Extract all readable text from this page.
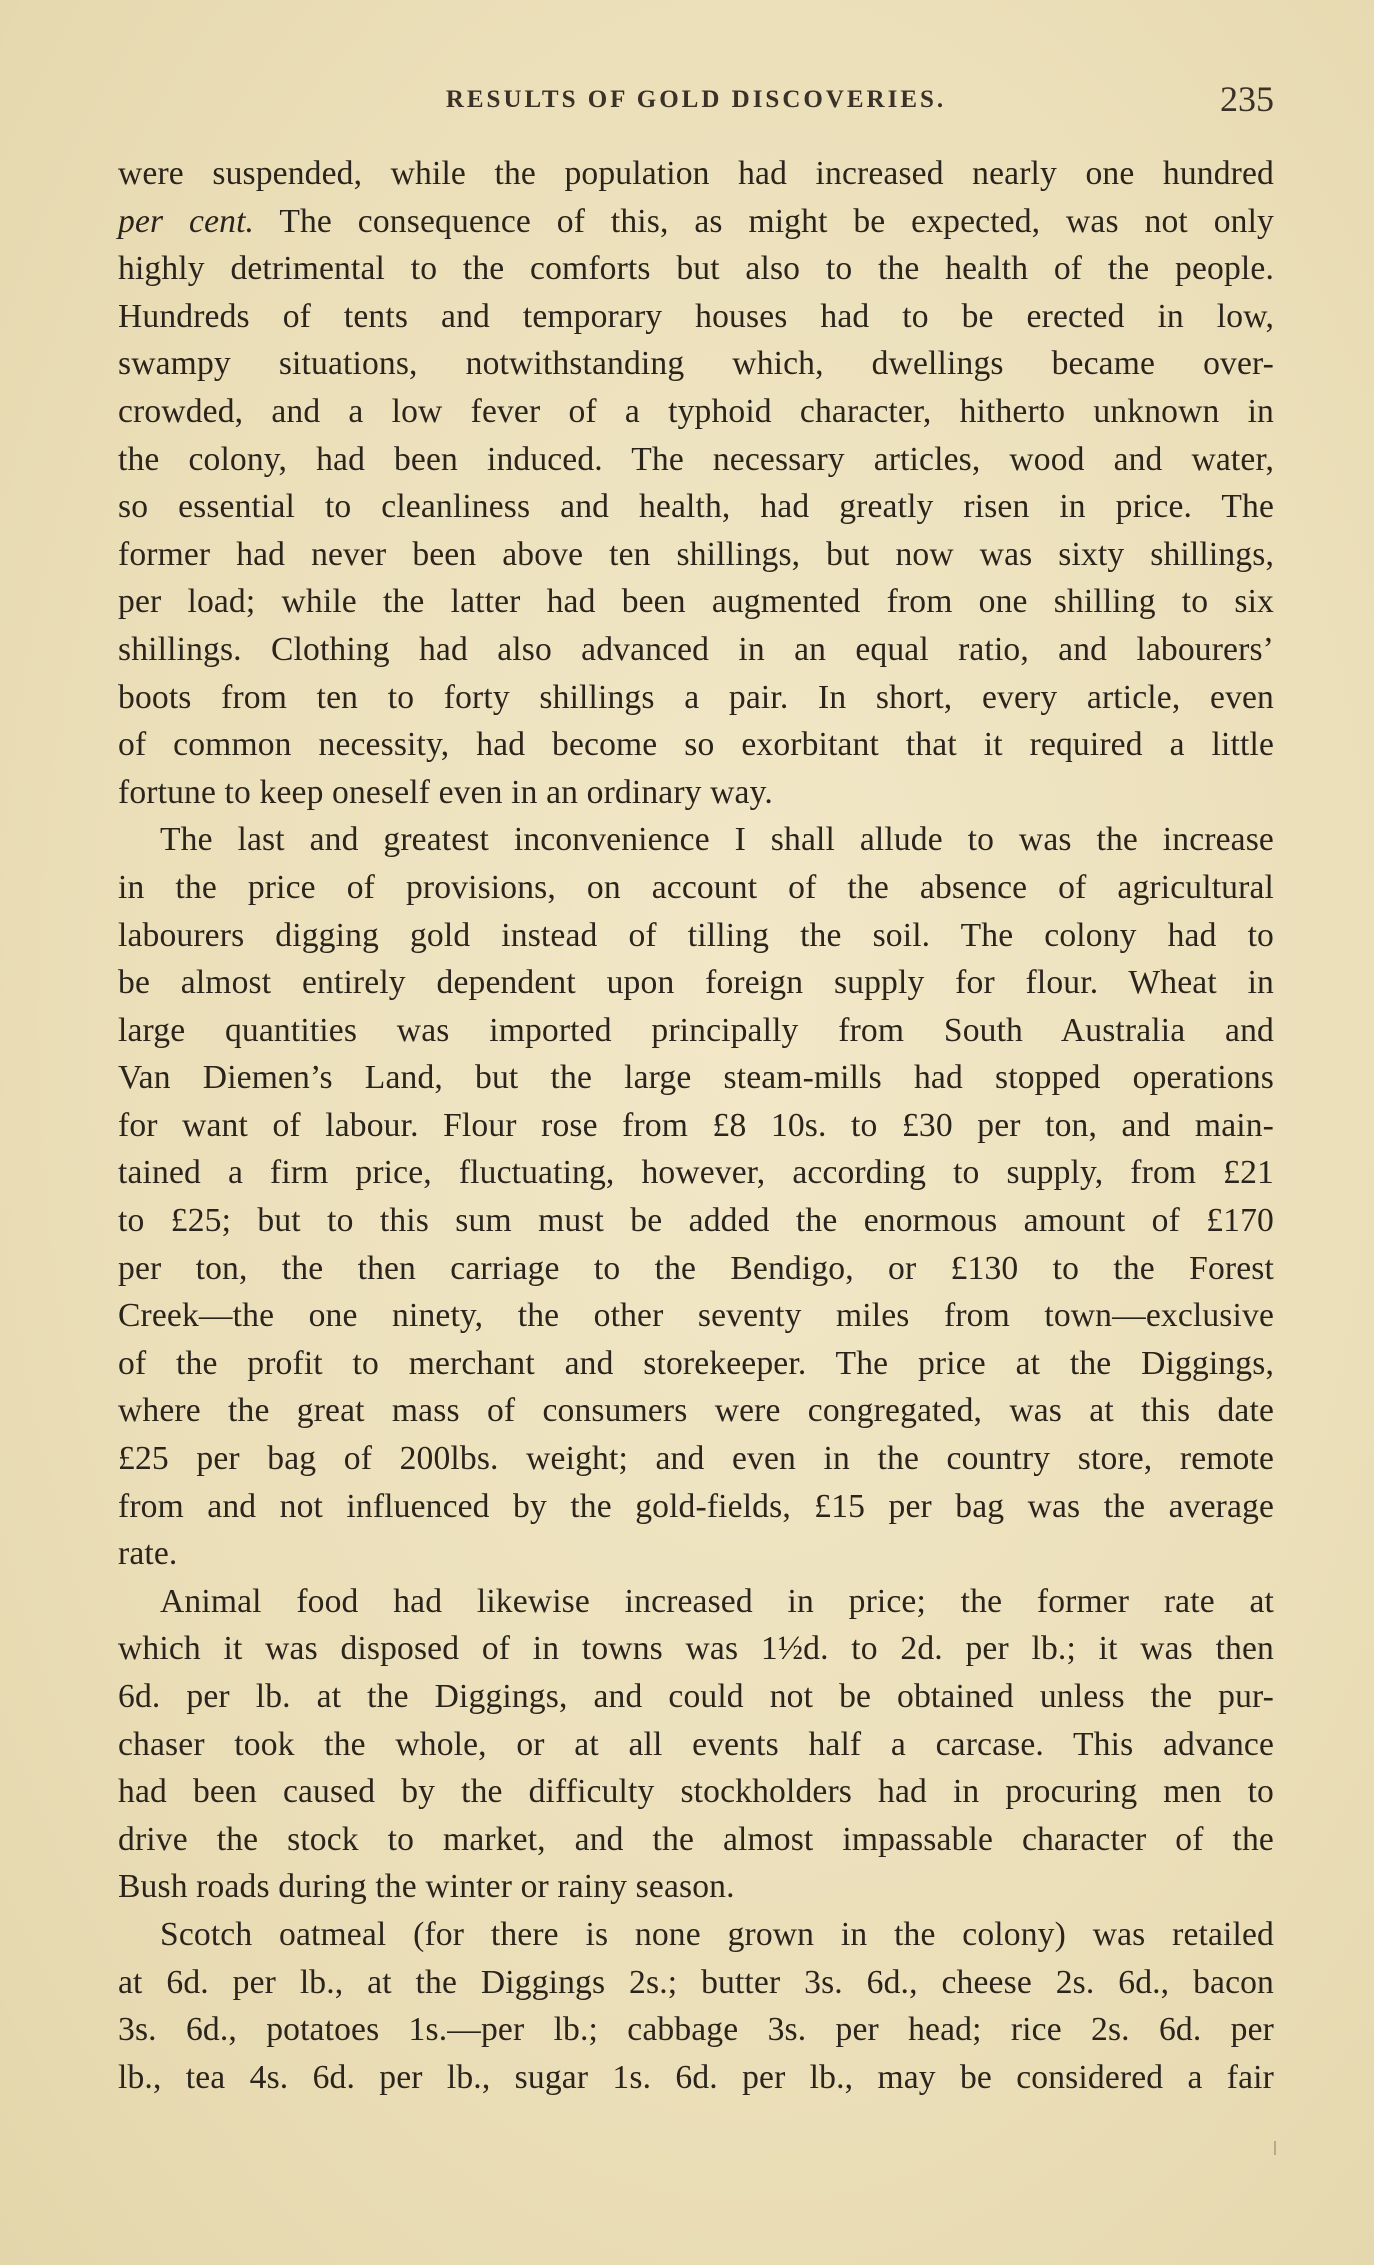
RESULTS OF GOLD DISCOVERIES.	235
were suspended, while the population had increased nearly one hundred
per cent. The consequence of this, as might be expected, was not only
highly detrimental to the comforts but also to the health of the people.
Hundreds of tents and temporary houses had to be erected in low,
swampy situations, notwithstanding which, dwellings became over-
crowded, and a low fever of a typhoid character, hitherto unknown in
the colony, had been induced. The necessary articles, wood and water,
so essential to cleanliness and health, had greatly risen in price. The
former had never been above ten shillings, but now was sixty shillings,
per load; while the latter had been augmented from one shilling to six
shillings. Clothing had also advanced in an equal ratio, and labourers’
boots from ten to forty shillings a pair. In short, every article, even
of common necessity, had become so exorbitant that it required a little
fortune to keep oneself even in an ordinary way.
The last and greatest inconvenience I shall allude to was the increase
in the price of provisions, on account of the absence of agricultural
labourers digging gold instead of tilling the soil. The colony had to
be almost entirely dependent upon foreign supply for flour. Wheat in
large quantities was imported principally from South Australia and
Van Diemen’s Land, but the large steam-mills had stopped operations
for want of labour. Flour rose from £8 10s. to £30 per ton, and main-
tained a firm price, fluctuating, however, according to supply, from £21
to £25; but to this sum must be added the enormous amount of £170
per ton, the then carriage to the Bendigo, or £130 to the Forest
Creek—the one ninety, the other seventy miles from town—exclusive
of the profit to merchant and storekeeper. The price at the Diggings,
where the great mass of consumers were congregated, was at this date
£25 per bag of 200lbs. weight; and even in the country store, remote
from and not influenced by the gold-fields, £15 per bag was the average
rate.
Animal food had likewise increased in price; the former rate at
which it was disposed of in towns was 1½d. to 2d. per lb.; it was then
6d. per lb. at the Diggings, and could not be obtained unless the pur-
chaser took the whole, or at all events half a carcase. This advance
had been caused by the difficulty stockholders had in procuring men to
drive the stock to market, and the almost impassable character of the
Bush roads during the winter or rainy season.
Scotch oatmeal (for there is none grown in the colony) was retailed
at 6d. per lb., at the Diggings 2s.; butter 3s. 6d., cheese 2s. 6d., bacon
3s. 6d., potatoes 1s.—per lb.; cabbage 3s. per head; rice 2s. 6d. per
lb., tea 4s. 6d. per lb., sugar 1s. 6d. per lb., may be considered a fair
